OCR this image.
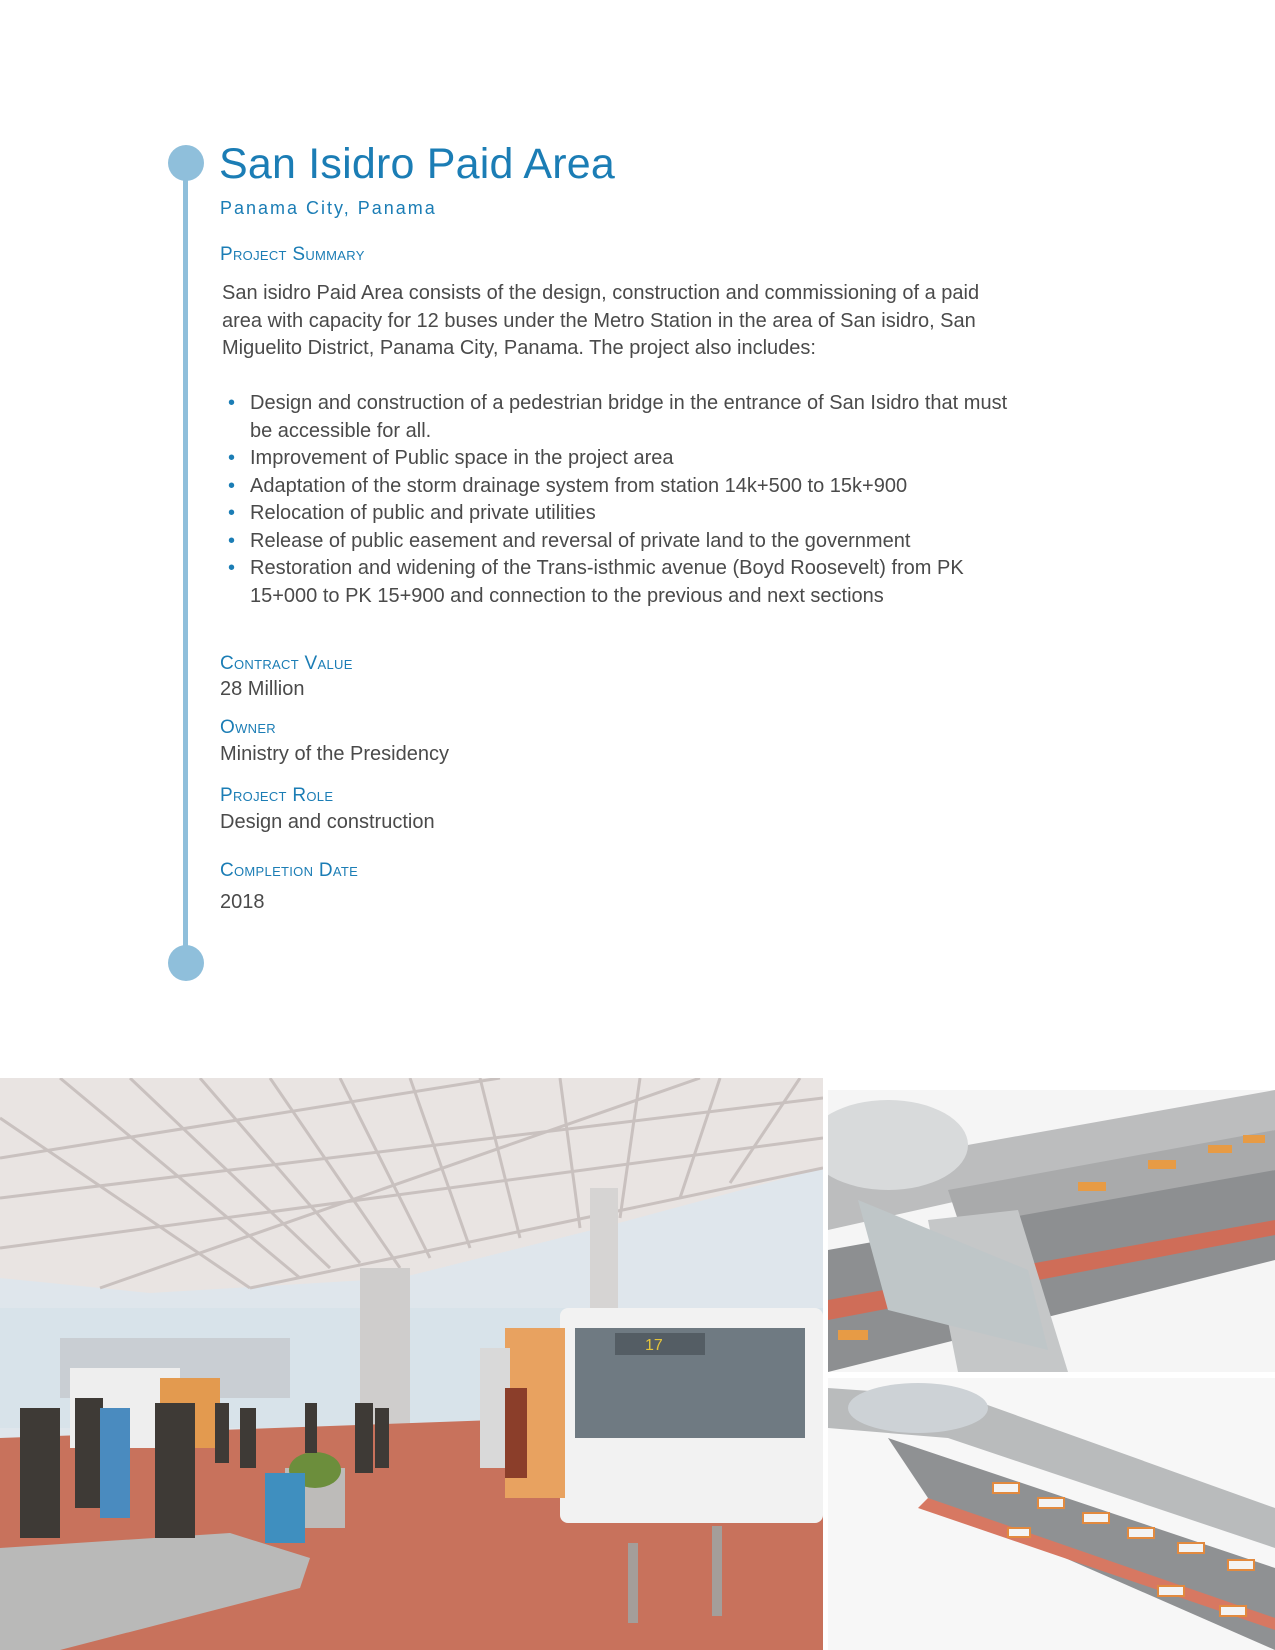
San Isidro Paid Area
Panama City, Panama
Project Summary

San isidro Paid Area consists of the design, construction and commissioning of a paid area with capacity for 12 buses under the Metro Station in the area of San isidro, San Miguelito District, Panama City, Panama. The project also includes:

• Design and construction of a pedestrian bridge in the entrance of San Isidro that must be accessible for all.
• Improvement of Public space in the project area
• Adaptation of the storm drainage system from station 14k+500 to 15k+900
• Relocation of public and private utilities
• Release of public easement and reversal of private land to the government
• Restoration and widening of the Trans-isthmic avenue (Boyd Roosevelt) from PK 15+000 to PK 15+900 and connection to the previous and next sections
Contract Value
28 Million
Owner
Ministry of the Presidency
Project Role
Design and construction
Completion Date
2018
17
